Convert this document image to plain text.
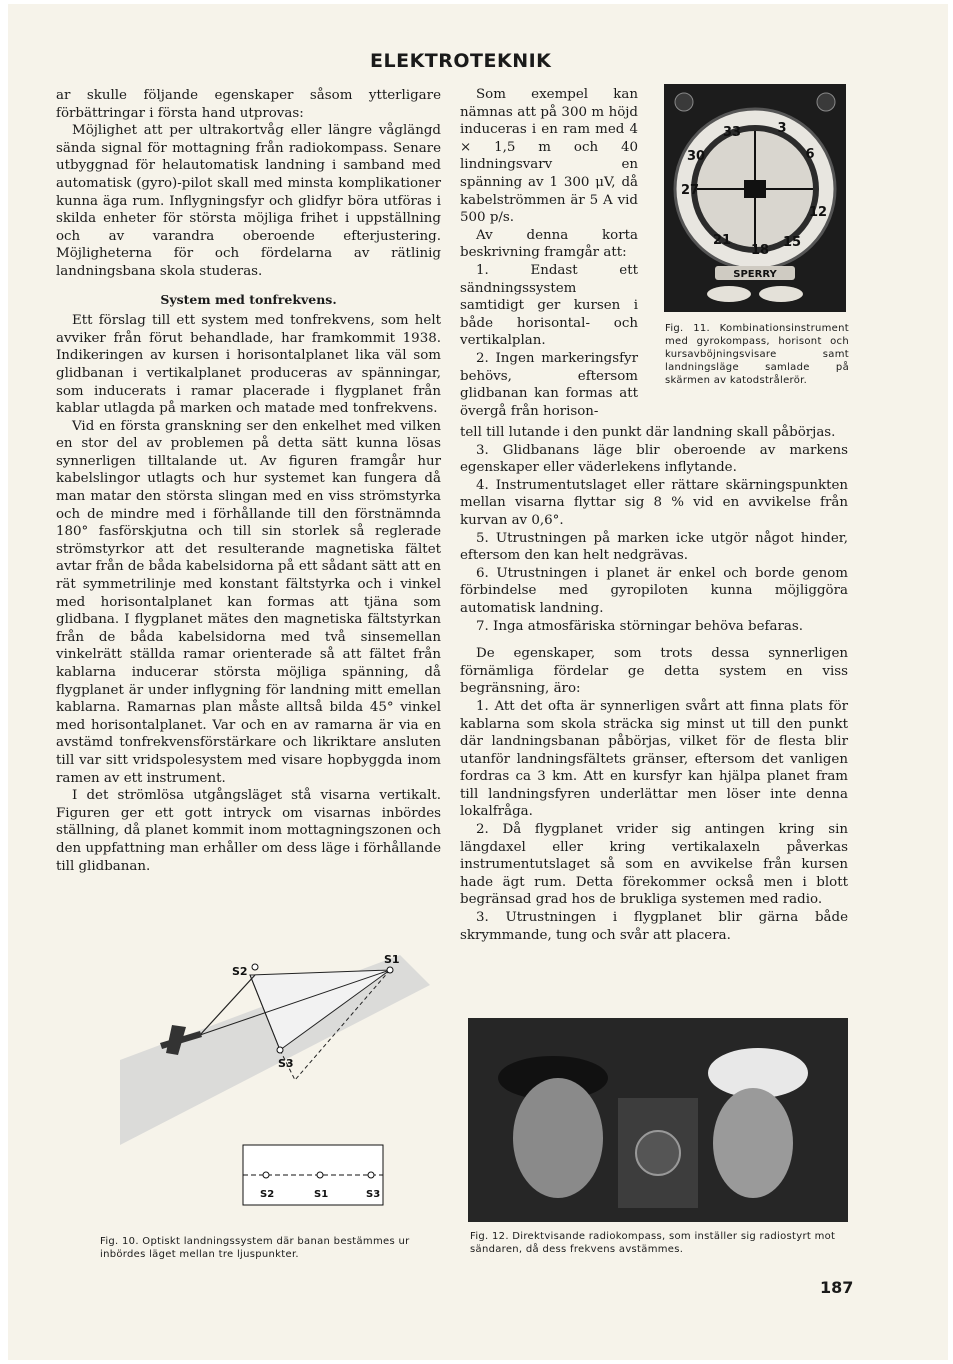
ELEKTROTEKNIK

ar skulle följande egenskaper såsom ytterligare förbättringar i första hand utprovas:

Möjlighet att per ultrakortvåg eller längre våglängd sända signal för mottagning från radiokompass. Senare utbyggnad för helautomatisk landning i samband med automatisk (gyro)-pilot skall med minsta komplikationer kunna äga rum. Inflygningsfyr och glidfyr böra utföras i skilda enheter för största möjliga frihet i uppställning och av varandra oberoende efterjustering. Möjligheterna för och fördelarna av rätlinig landningsbana skola studeras.

System med tonfrekvens.

Ett förslag till ett system med tonfrekvens, som helt avviker från förut behandlade, har framkommit 1938. Indikeringen av kursen i horisontalplanet lika väl som glidbanan i vertikalplanet produceras av spänningar, som inducerats i ramar placerade i flygplanet från kablar utlagda på marken och matade med tonfrekvens.

Vid en första granskning ser den enkelhet med vilken en stor del av problemen på detta sätt kunna lösas synnerligen tilltalande ut. Av figuren framgår hur kabelslingor utlagts och hur systemet kan fungera då man matar den största slingan med en viss strömstyrka och de mindre med i förhållande till den förstnämnda 180° fasförskjutna och till sin storlek så reglerade strömstyrkor att det resulterande magnetiska fältet avtar från de båda kabelsidorna på ett sådant sätt att en rät symmetrilinje med konstant fältstyrka och i vinkel med horisontalplanet kan formas att tjäna som glidbana. I flygplanet mätes den magnetiska fältstyrkan från de båda kabelsidorna med två sinsemellan vinkelrätt ställda ramar orienterade så att fältet från kablarna inducerar största möjliga spänning, då flygplanet är under inflygning för landning mitt emellan kablarna. Ramarnas plan måste alltså bilda 45° vinkel med horisontalplanet. Var och en av ramarna är via en avstämd tonfrekvensförstärkare och likriktare ansluten till var sitt vridspolesystem med visare hopbyggda inom ramen av ett instrument.

I det strömlösa utgångsläget stå visarna vertikalt. Figuren ger ett gott intryck om visarnas inbördes ställning, då planet kommit inom mottagningszonen och den uppfattning man erhåller om dess läge i förhållande till glidbanan.

Som exempel kan nämnas att på 300 m höjd induceras i en ram med 4 × 1,5 m och 40 lindningsvarv en spänning av 1 300 μV, då kabelströmmen är 5 A vid 500 p/s.

Av denna korta beskrivning framgår att:

1. Endast ett sändningssystem samtidigt ger kursen i både horisontal- och vertikalplan.

2. Ingen markeringsfyr behövs, eftersom glidbanan kan formas att övergå från horison-

33	3
6
30
27
12
21
18
15
SPERRY
Fig. 11. Kombinationsinstrument med gyrokompass, horisont och kursavböjningsvisare samt landningsläge samlade på skärmen av katodstrålerör.

tell till lutande i den punkt där landning skall påbörjas.

3. Glidbanans läge blir oberoende av markens egenskaper eller väderlekens inflytande.

4. Instrumentutslaget eller rättare skärningspunkten mellan visarna flyttar sig 8 % vid en avvikelse från kurvan av 0,6°.

5. Utrustningen på marken icke utgör något hinder, eftersom den kan helt nedgrävas.

6. Utrustningen i planet är enkel och borde genom förbindelse med gyropiloten kunna möjliggöra automatisk landning.

7. Inga atmosfäriska störningar behöva befaras.

De egenskaper, som trots dessa synnerligen förnämliga fördelar ge detta system en viss begränsning, äro:

1. Att det ofta är synnerligen svårt att finna plats för kablarna som skola sträcka sig minst ut till den punkt där landningsbanan påbörjas, vilket för de flesta blir utanför landningsfältets gränser, eftersom det vanligen fordras ca 3 km. Att en kursfyr kan hjälpa planet fram till landningsfyren underlättar men löser inte denna lokalfråga.

2. Då flygplanet vrider sig antingen kring sin längdaxel eller kring vertikalaxeln påverkas instrumentutslaget så som en avvikelse från kursen hade ägt rum. Detta förekommer också men i blott begränsad grad hos de brukliga systemen med radio.

3. Utrustningen i flygplanet blir gärna både skrymmande, tung och svår att placera.

S2
S1
S3
S2	S1	S3
Fig. 10. Optiskt landningssystem där banan bestämmes ur inbördes läget mellan tre ljuspunkter.
Fig. 12. Direktvisande radiokompass, som inställer sig radiostyrt mot sändaren, då dess frekvens avstämmes.
187
